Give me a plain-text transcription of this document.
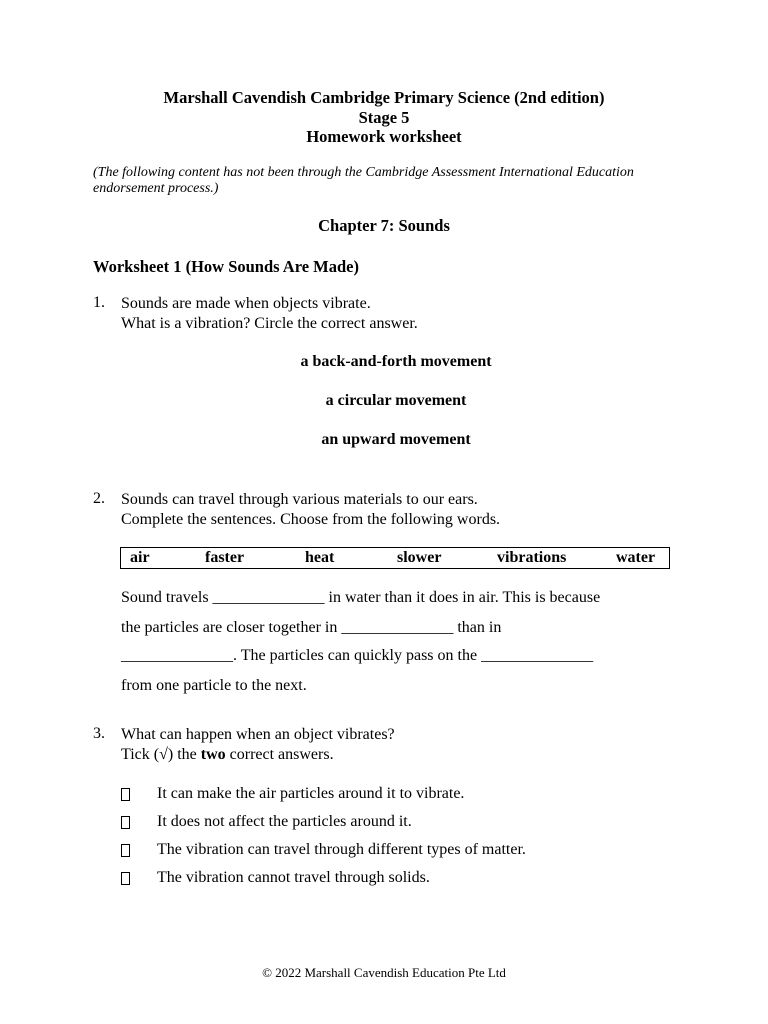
Marshall Cavendish Cambridge Primary Science (2nd edition)
Stage 5
Homework worksheet
(The following content has not been through the Cambridge Assessment International Education endorsement process.)
Chapter 7: Sounds
Worksheet 1 (How Sounds Are Made)
1. Sounds are made when objects vibrate.
What is a vibration? Circle the correct answer.
a back-and-forth movement
a circular movement
an upward movement
2. Sounds can travel through various materials to our ears.
Complete the sentences. Choose from the following words.
air	faster	heat	slower	vibrations	water
Sound travels ______________ in water than it does in air. This is because
the particles are closer together in ______________ than in
______________. The particles can quickly pass on the ______________
from one particle to the next.
3. What can happen when an object vibrates?
Tick (√) the two correct answers.
It can make the air particles around it to vibrate.
It does not affect the particles around it.
The vibration can travel through different types of matter.
The vibration cannot travel through solids.
© 2022 Marshall Cavendish Education Pte Ltd
